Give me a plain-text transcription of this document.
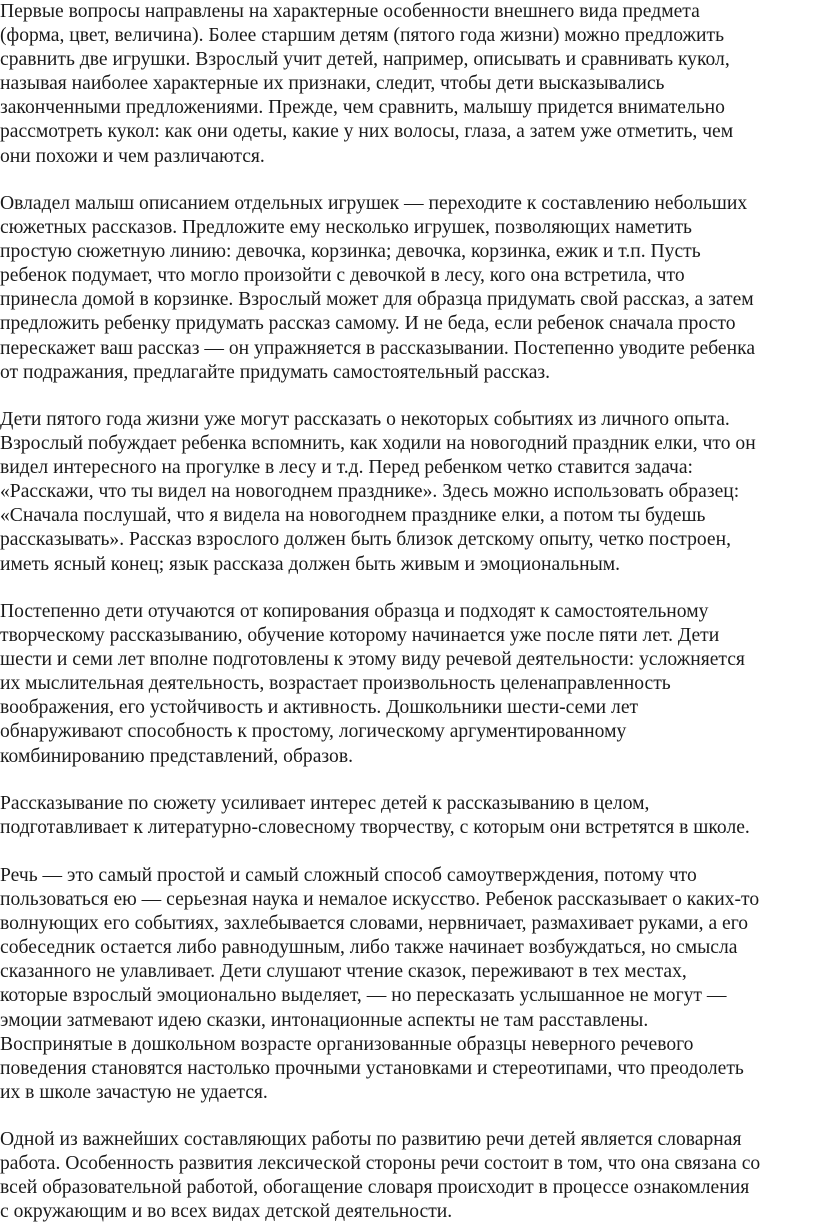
Первые вопросы направлены на характерные особенности внешнего вида предмета
(форма, цвет, величина). Более старшим детям (пятого года жизни) можно предложить
сравнить две игрушки. Взрослый учит детей, например, описывать и сравнивать кукол,
называя наиболее характерные их признаки, следит, чтобы дети высказывались
законченными предложениями. Прежде, чем сравнить, малышу придется внимательно
рассмотреть кукол: как они одеты, какие у них волосы, глаза, а затем уже отметить, чем
они похожи и чем различаются.
Овладел малыш описанием отдельных игрушек — переходите к составлению небольших
сюжетных рассказов. Предложите ему несколько игрушек, позволяющих наметить
простую сюжетную линию: девочка, корзинка; девочка, корзинка, ежик и т.п. Пусть
ребенок подумает, что могло произойти с девочкой в лесу, кого она встретила, что
принесла домой в корзинке. Взрослый может для образца придумать свой рассказ, а затем
предложить ребенку придумать рассказ самому. И не беда, если ребенок сначала просто
перескажет ваш рассказ — он упражняется в рассказывании. Постепенно уводите ребенка
от подражания, предлагайте придумать самостоятельный рассказ.
Дети пятого года жизни уже могут рассказать о некоторых событиях из личного опыта.
Взрослый побуждает ребенка вспомнить, как ходили на новогодний праздник елки, что он
видел интересного на прогулке в лесу и т.д. Перед ребенком четко ставится задача:
«Расскажи, что ты видел на новогоднем празднике». Здесь можно использовать образец:
«Сначала послушай, что я видела на новогоднем празднике елки, а потом ты будешь
рассказывать». Рассказ взрослого должен быть близок детскому опыту, четко построен,
иметь ясный конец; язык рассказа должен быть живым и эмоциональным.
Постепенно дети отучаются от копирования образца и подходят к самостоятельному
творческому рассказыванию, обучение которому начинается уже после пяти лет. Дети
шести и семи лет вполне подготовлены к этому виду речевой деятельности: усложняется
их мыслительная деятельность, возрастает произвольность целенаправленность
воображения, его устойчивость и активность. Дошкольники шести-семи лет
обнаруживают способность к простому, логическому аргументированному
комбинированию представлений, образов.
Рассказывание по сюжету усиливает интерес детей к рассказыванию в целом,
подготавливает к литературно-словесному творчеству, с которым они встретятся в школе.
Речь — это самый простой и самый сложный способ самоутверждения, потому что
пользоваться ею — серьезная наука и немалое искусство. Ребенок рассказывает о каких-то
волнующих его событиях, захлебывается словами, нервничает, размахивает руками, а его
собеседник остается либо равнодушным, либо также начинает возбуждаться, но смысла
сказанного не улавливает. Дети слушают чтение сказок, переживают в тех местах,
которые взрослый эмоционально выделяет, — но пересказать услышанное не могут —
эмоции затмевают идею сказки, интонационные аспекты не там расставлены.
Воспринятые в дошкольном возрасте организованные образцы неверного речевого
поведения становятся настолько прочными установками и стереотипами, что преодолеть
их в школе зачастую не удается.
Одной из важнейших составляющих работы по развитию речи детей является словарная
работа. Особенность развития лексической стороны речи состоит в том, что она связана со
всей образовательной работой, обогащение словаря происходит в процессе ознакомления
с окружающим и во всех видах детской деятельности.
